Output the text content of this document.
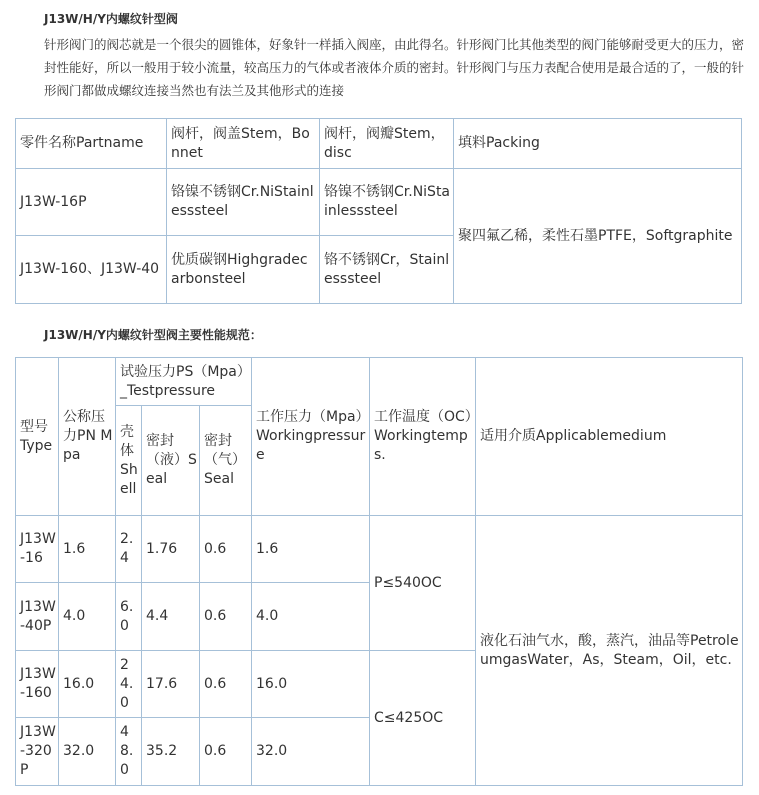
J13W/H/Y内螺纹针型阀
针形阀门的阀芯就是一个很尖的圆锥体，好象针一样插入阀座，由此得名。针形阀门比其他类型的阀门能够耐受更大的压力，密封性能好，所以一般用于较小流量，较高压力的气体或者液体介质的密封。针形阀门与压力表配合使用是最合适的了，一般的针形阀门都做成螺纹连接当然也有法兰及其他形式的连接
零件名称Partname	阀杆，阀盖Stem，Bonnet	阀杆，阀瓣Stem，disc	填料Packing
J13W-16P	铬镍不锈钢Cr.NiStainlesssteel	铬镍不锈钢Cr.NiStainlesssteel	聚四氟乙稀，柔性石墨PTFE，Softgraphite
J13W-160、J13W-40	优质碳钢Highgradecarbonsteel	铬不锈钢Cr，Stainlesssteel	
J13W/H/Y内螺纹针型阀主要性能规范：
型号Type	公称压力PN Mpa	试验压力PS（Mpa）_Testpressure			工作压力（Mpa）Workingpressure	工作温度（OC）Workingtemps.	适用介质Applicablemedium
		壳体Shell	密封（液）Seal	密封（气）Seal			
J13W-16	1.6	2.4	1.76	0.6	1.6	P≤540OC	液化石油气水，酸，蒸汽，油品等PetroleumgasWater，As，Steam，Oil，etc.
J13W-40P	4.0	6.0	4.4	0.6	4.0		
J13W-160	16.0	24.0	17.6	0.6	16.0	C≤425OC	
J13W-320P	32.0	48.0	35.2	0.6	32.0		
